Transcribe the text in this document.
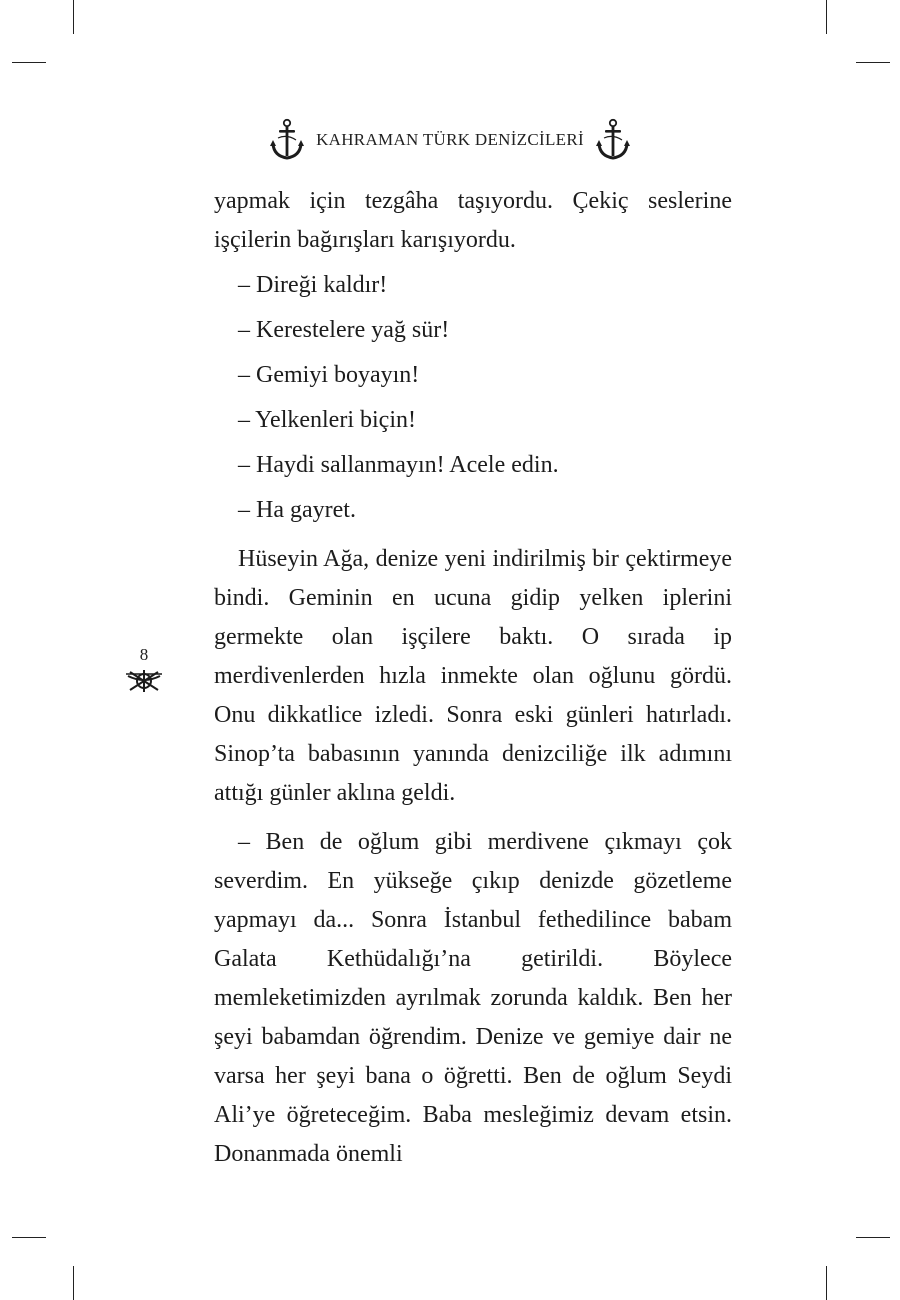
KAHRAMAN TÜRK DENİZCİLERİ
8

yapmak için tezgâha taşıyordu. Çekiç seslerine işçilerin bağırışları karışıyordu.

– Direği kaldır!

– Kerestelere yağ sür!

– Gemiyi boyayın!

– Yelkenleri biçin!

– Haydi sallanmayın! Acele edin.

– Ha gayret.

Hüseyin Ağa, denize yeni indirilmiş bir çektirmeye bindi. Geminin en ucuna gidip yelken iplerini germekte olan işçilere baktı. O sırada ip merdivenlerden hızla inmekte olan oğlunu gördü. Onu dikkatlice izledi. Sonra eski günleri hatırladı. Sinop’ta babasının yanında denizciliğe ilk adımını attığı günler aklına geldi.

– Ben de oğlum gibi merdivene çıkmayı çok severdim. En yükseğe çıkıp denizde gözetleme yapmayı da... Sonra İstanbul fethedilince babam Galata Kethüdalığı’na getirildi. Böylece memleketimizden ayrılmak zorunda kaldık. Ben her şeyi babamdan öğrendim. Denize ve gemiye dair ne varsa her şeyi bana o öğretti. Ben de oğlum Seydi Ali’ye öğreteceğim. Baba mesleğimiz devam etsin. Donanmada önemli
